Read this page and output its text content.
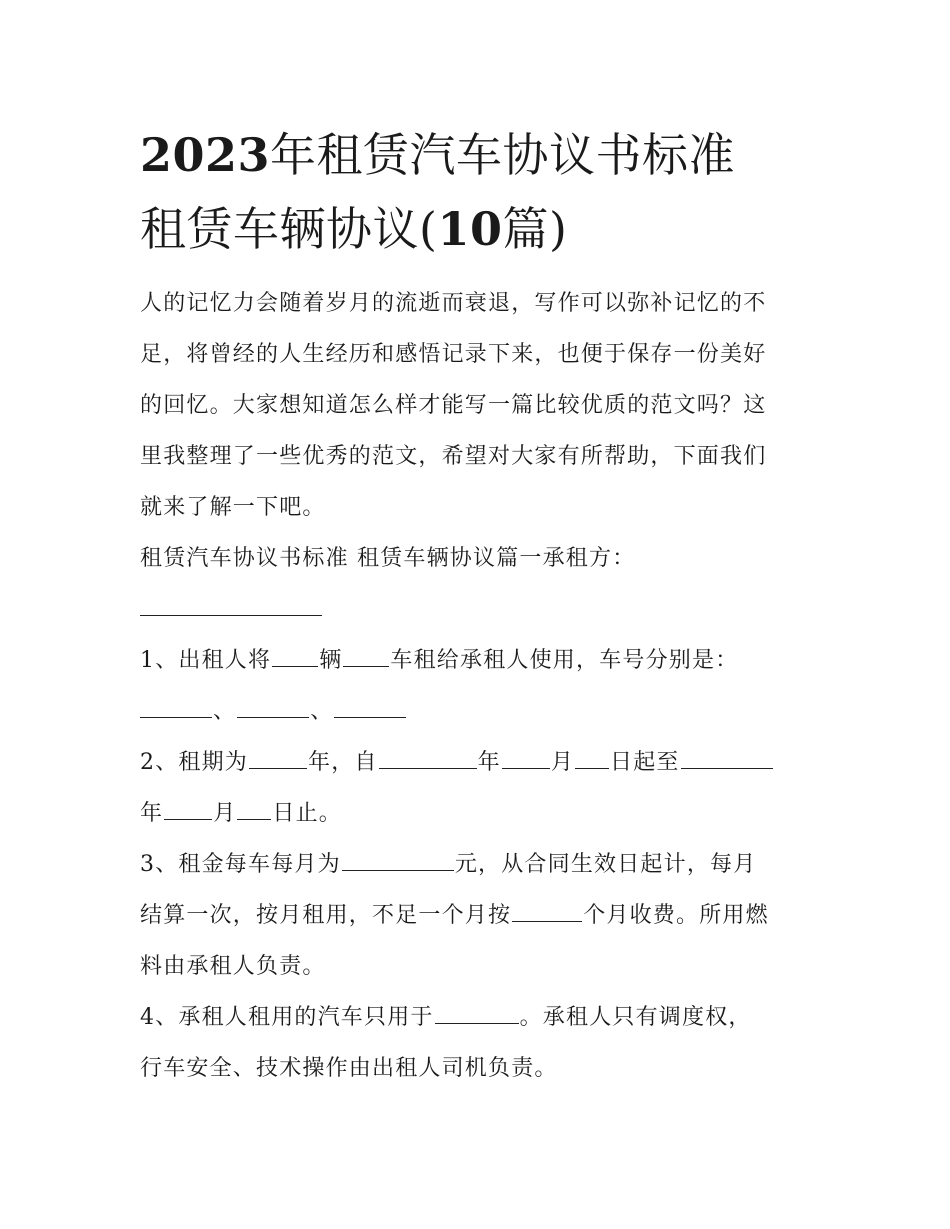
2023年租赁汽车协议书标准
租赁车辆协议(10篇)

人的记忆力会随着岁月的流逝而衰退，写作可以弥补记忆的不
足，将曾经的人生经历和感悟记录下来，也便于保存一份美好
的回忆。大家想知道怎么样才能写一篇比较优质的范文吗？这
里我整理了一些优秀的范文，希望对大家有所帮助，下面我们
就来了解一下吧。

租赁汽车协议书标准 租赁车辆协议篇一承租方：

1、出租人将 辆 车租给承租人使用，车号分别是：
、	、

2、租期为	年，自	年 月 日起至
年 月 日止。

3、租金每车每月为	元，从合同生效日起计，每月
结算一次，按月租用，不足一个月按	个月收费。所用燃
料由承租人负责。

4、承租人租用的汽车只用于	。承租人只有调度权，
行车安全、技术操作由出租人司机负责。
